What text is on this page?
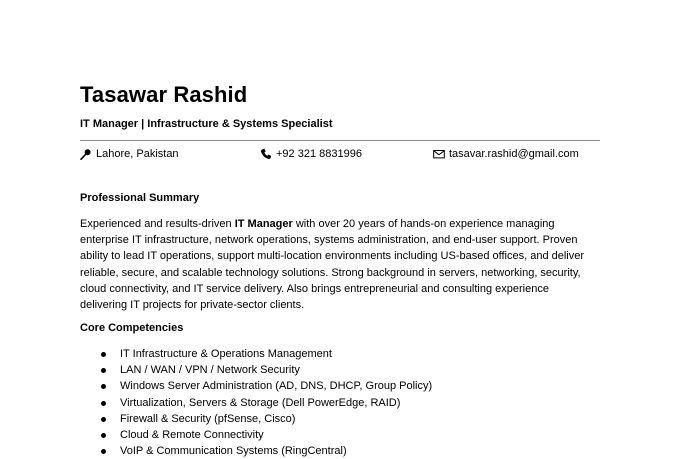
Tasawar Rashid
IT Manager | Infrastructure & Systems Specialist
Lahore, Pakistan	+92 321 8831996	tasavar.rashid@gmail.com
Professional Summary
Experienced and results-driven IT Manager with over 20 years of hands-on experience managing
enterprise IT infrastructure, network operations, systems administration, and end-user support. Proven
ability to lead IT operations, support multi-location environments including US-based offices, and deliver
reliable, secure, and scalable technology solutions. Strong background in servers, networking, security,
cloud connectivity, and IT service delivery. Also brings entrepreneurial and consulting experience
delivering IT projects for private-sector clients.
Core Competencies
IT Infrastructure & Operations Management
LAN / WAN / VPN / Network Security
Windows Server Administration (AD, DNS, DHCP, Group Policy)
Virtualization, Servers & Storage (Dell PowerEdge, RAID)
Firewall & Security (pfSense, Cisco)
Cloud & Remote Connectivity
VoIP & Communication Systems (RingCentral)
